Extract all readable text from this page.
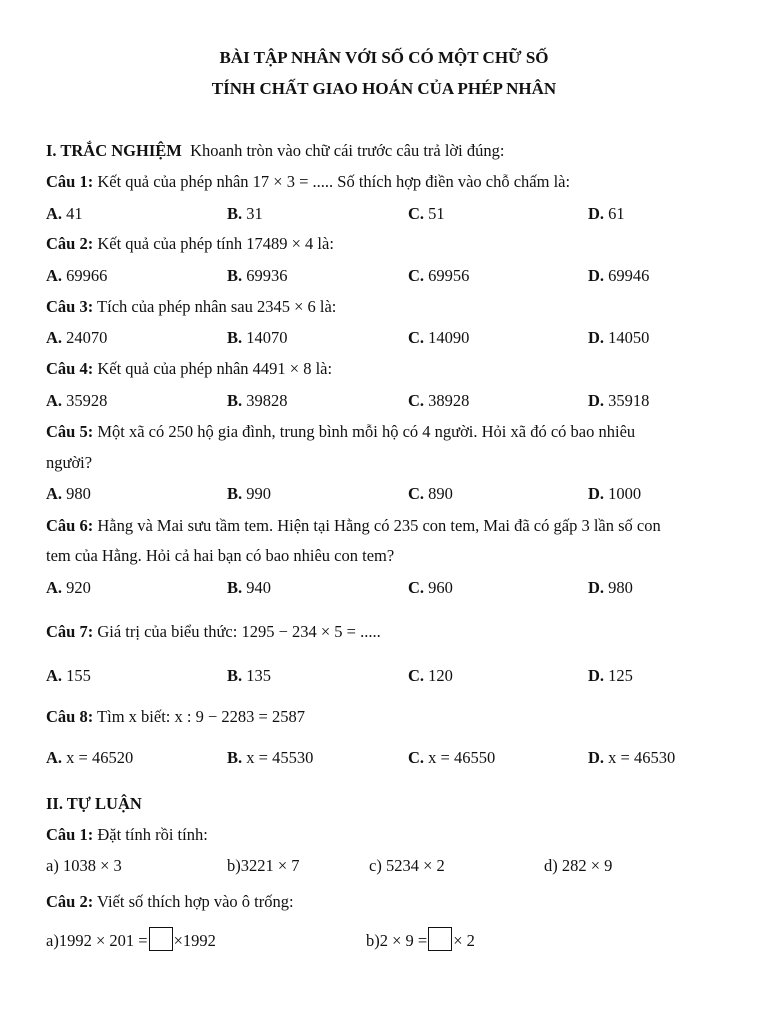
BÀI TẬP NHÂN VỚI SỐ CÓ MỘT CHỮ SỐ
TÍNH CHẤT GIAO HOÁN CỦA PHÉP NHÂN
I. TRẮC NGHIỆM Khoanh tròn vào chữ cái trước câu trả lời đúng:
Câu 1: Kết quả của phép nhân 17 × 3 = ..... Số thích hợp điền vào chỗ chấm là:
A. 41	B. 31	C. 51	D. 61
Câu 2: Kết quả của phép tính 17489 × 4 là:
A. 69966	B. 69936	C. 69956	D. 69946
Câu 3: Tích của phép nhân sau 2345 × 6 là:
A. 24070	B. 14070	C. 14090	D. 14050
Câu 4: Kết quả của phép nhân 4491 × 8 là:
A. 35928	B. 39828	C. 38928	D. 35918
Câu 5: Một xã có 250 hộ gia đình, trung bình mỗi hộ có 4 người. Hỏi xã đó có bao nhiêu
người?
A. 980	B. 990	C. 890	D. 1000
Câu 6: Hằng và Mai sưu tầm tem. Hiện tại Hằng có 235 con tem, Mai đã có gấp 3 lần số con
tem của Hằng. Hỏi cả hai bạn có bao nhiêu con tem?
A. 920	B. 940	C. 960	D. 980
Câu 7: Giá trị của biểu thức: 1295 − 234 × 5 = .....
A. 155	B. 135	C. 120	D. 125
Câu 8: Tìm x biết: x : 9 − 2283 = 2587
A. x = 46520	B. x = 45530	C. x = 46550	D. x = 46530
II. TỰ LUẬN
Câu 1: Đặt tính rồi tính:
a) 1038 × 3	b)3221 × 7	c) 5234 × 2	d) 282 × 9
Câu 2: Viết số thích hợp vào ô trống:
a)1992 × 201 = ×1992	b)2 × 9 = × 2
